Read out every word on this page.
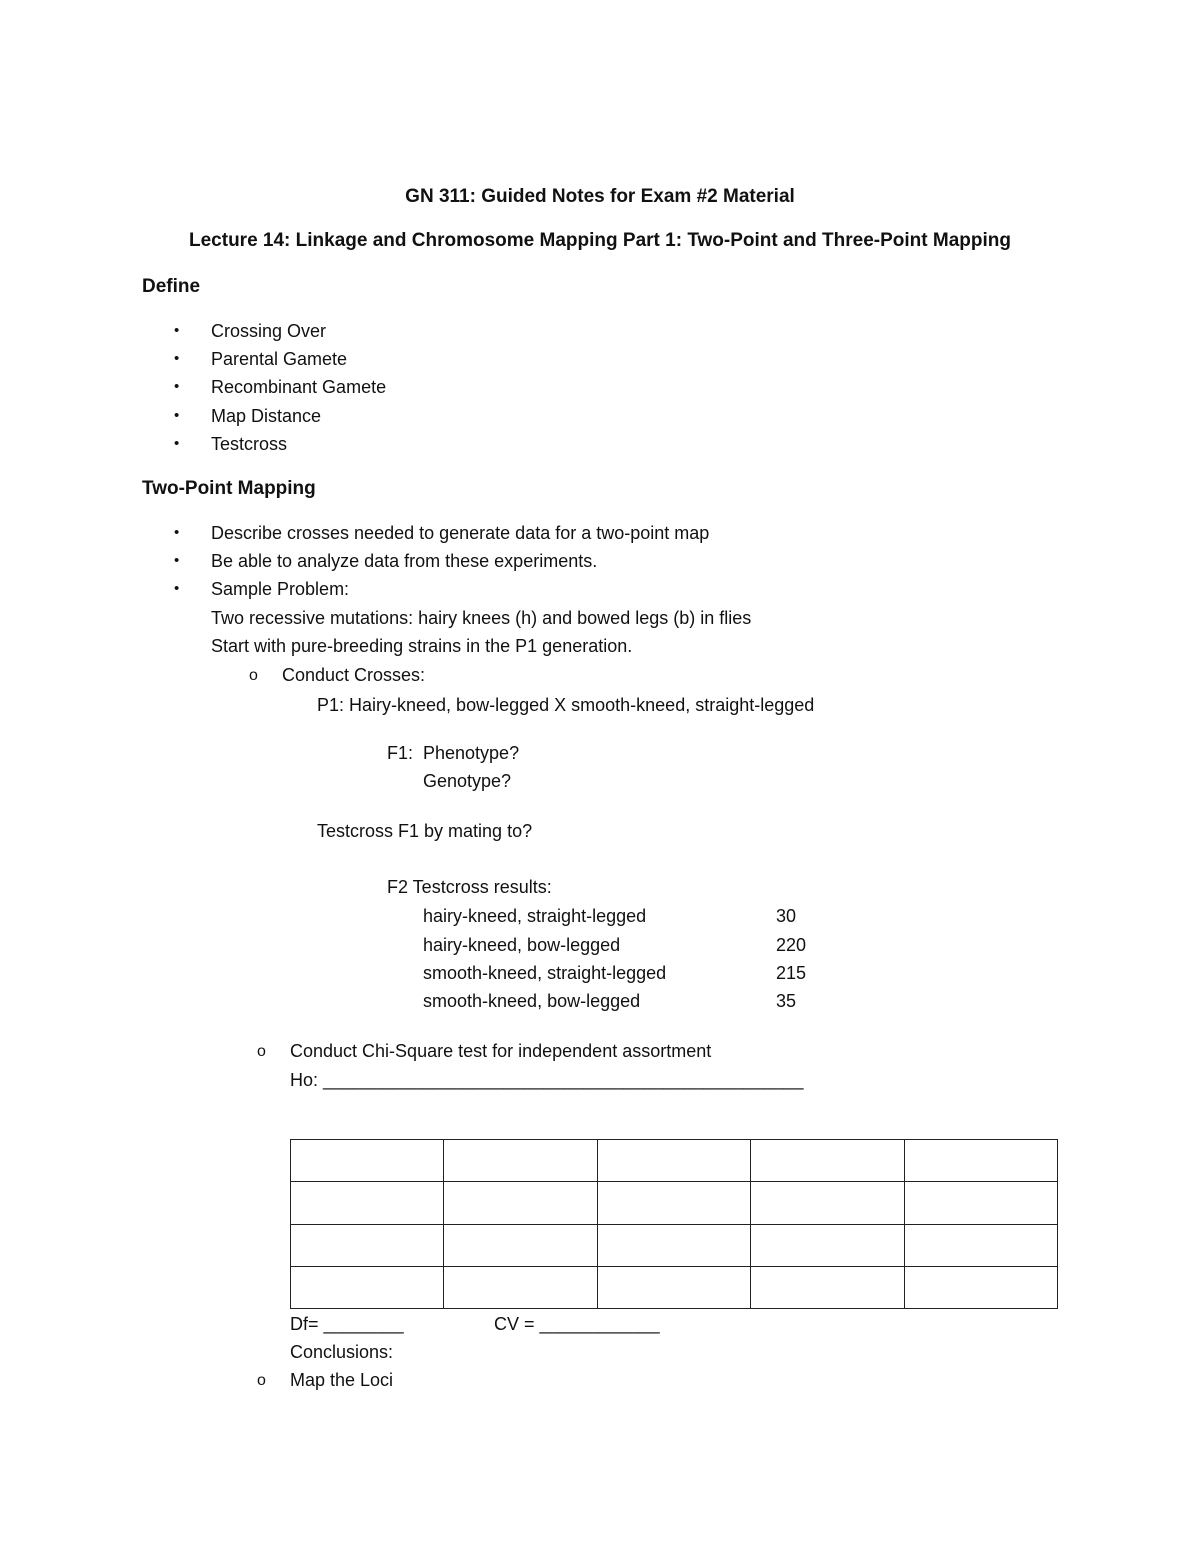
GN 311: Guided Notes for Exam #2 Material
Lecture 14: Linkage and Chromosome Mapping Part 1: Two-Point and Three-Point Mapping
Define
• Crossing Over
• Parental Gamete
• Recombinant Gamete
• Map Distance
• Testcross
Two-Point Mapping
• Describe crosses needed to generate data for a two-point map
• Be able to analyze data from these experiments.
• Sample Problem:
Two recessive mutations: hairy knees (h) and bowed legs (b) in flies
Start with pure-breeding strains in the P1 generation.
o Conduct Crosses:
P1: Hairy-kneed, bow-legged X smooth-kneed, straight-legged
F1: Phenotype?
Genotype?
Testcross F1 by mating to?
F2 Testcross results:
hairy-kneed, straight-legged	30
hairy-kneed, bow-legged	220
smooth-kneed, straight-legged	215
smooth-kneed, bow-legged	35
o Conduct Chi-Square test for independent assortment
Ho: ________________________________________________

Df= ________	CV = ____________
Conclusions:
o Map the Loci
